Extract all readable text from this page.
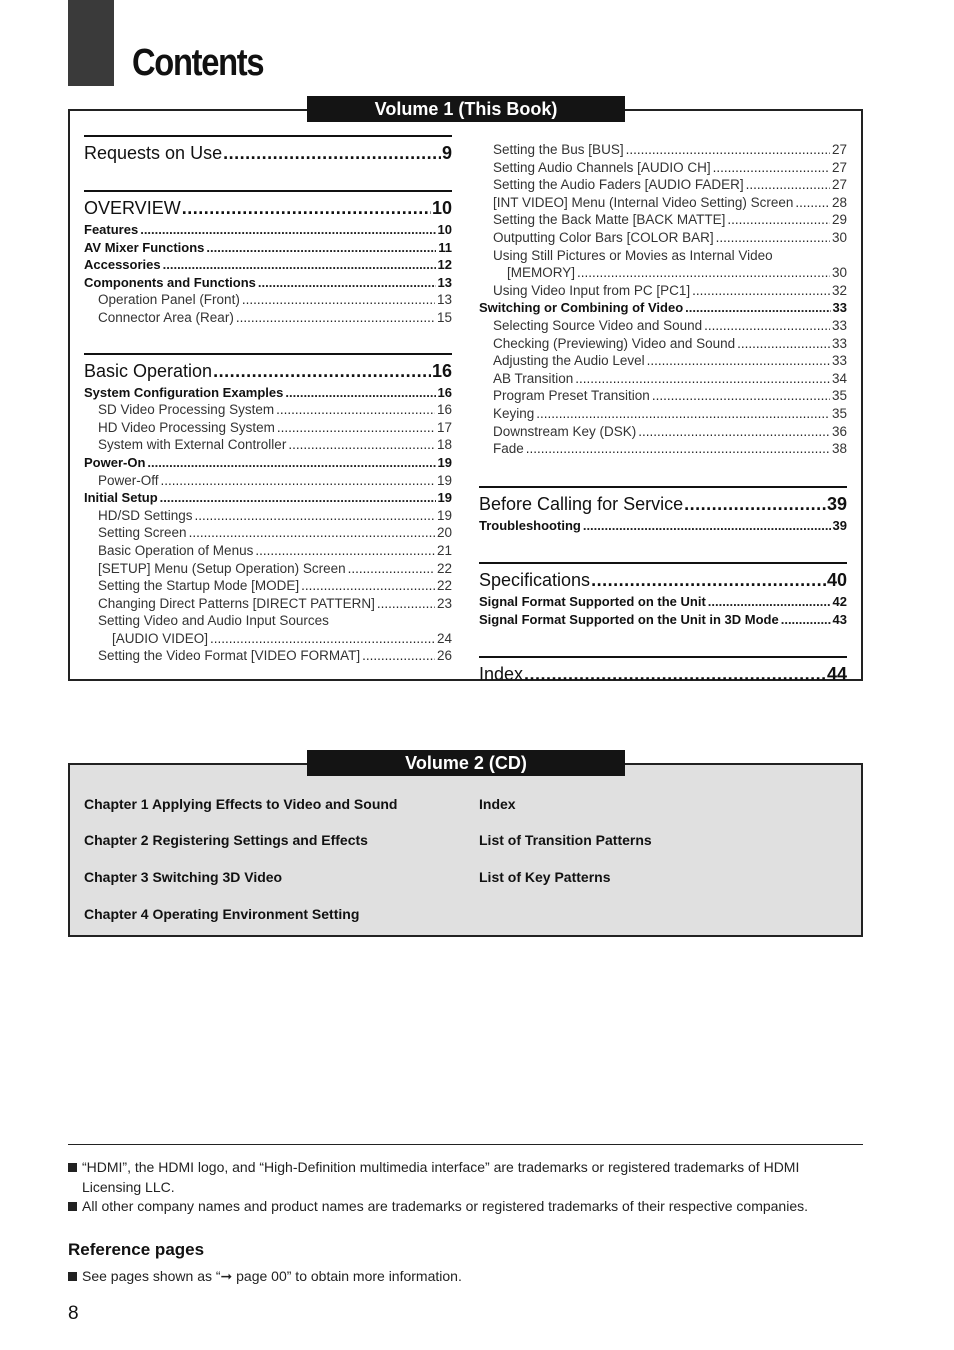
Contents
Volume 1 (This Book)
Requests on Use .....	9
OVERVIEW .....	10
Features .....	10
AV Mixer Functions .....	11
Accessories .....	12
Components and Functions .....	13
Operation Panel (Front) .....	13
Connector Area (Rear) .....	15
Basic Operation .....	16
System Configuration Examples .....	16
SD Video Processing System .....	16
HD Video Processing System .....	17
System with External Controller .....	18
Power-On .....	19
Power-Off .....	19
Initial Setup .....	19
HD/SD Settings .....	19
Setting Screen .....	20
Basic Operation of Menus .....	21
[SETUP] Menu (Setup Operation) Screen .....	22
Setting the Startup Mode [MODE] .....	22
Changing Direct Patterns [DIRECT PATTERN] .....	23
Setting Video and Audio Input Sources
[AUDIO VIDEO] .....	24
Setting the Video Format [VIDEO FORMAT] .....	26
Setting the Bus [BUS] .....	27
Setting Audio Channels [AUDIO CH] .....	27
Setting the Audio Faders [AUDIO FADER] .....	27
[INT VIDEO] Menu (Internal Video Setting) Screen .....	28
Setting the Back Matte [BACK MATTE] .....	29
Outputting Color Bars [COLOR BAR] .....	30
Using Still Pictures or Movies as Internal Video
[MEMORY] .....	30
Using Video Input from PC [PC1] .....	32
Switching or Combining of Video .....	33
Selecting Source Video and Sound .....	33
Checking (Previewing) Video and Sound .....	33
Adjusting the Audio Level .....	33
AB Transition .....	34
Program Preset Transition .....	35
Keying .....	35
Downstream Key (DSK) .....	36
Fade .....	38
Before Calling for Service .....	39
Troubleshooting .....	39
Specifications .....	40
Signal Format Supported on the Unit .....	42
Signal Format Supported on the Unit in 3D Mode .....	43
Index .....	44
Volume 2 (CD)
Chapter 1 Applying Effects to Video and Sound
Chapter 2 Registering Settings and Effects
Chapter 3 Switching 3D Video
Chapter 4 Operating Environment Setting
Index
List of Transition Patterns
List of Key Patterns
“HDMI”, the HDMI logo, and “High-Definition multimedia interface” are trademarks or registered trademarks of HDMI Licensing LLC.
All other company names and product names are trademarks or registered trademarks of their respective companies.
Reference pages
See pages shown as “➞ page 00” to obtain more information.
8
